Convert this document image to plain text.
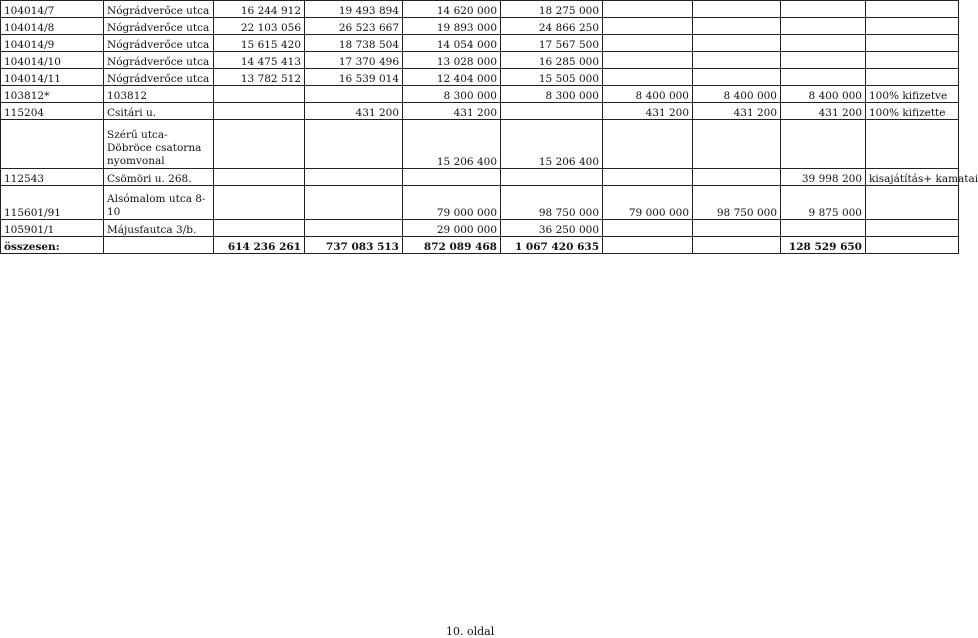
104014/7	Nógrádverőce utca	16 244 912	19 493 894	14 620 000	18 275 000				
104014/8	Nógrádverőce utca	22 103 056	26 523 667	19 893 000	24 866 250				
104014/9	Nógrádverőce utca	15 615 420	18 738 504	14 054 000	17 567 500				
104014/10	Nógrádverőce utca	14 475 413	17 370 496	13 028 000	16 285 000				
104014/11	Nógrádverőce utca	13 782 512	16 539 014	12 404 000	15 505 000				
103812*	103812			8 300 000	8 300 000	8 400 000	8 400 000	8 400 000	100% kifizetve
115204	Csitári u.		431 200	431 200		431 200	431 200	431 200	100% kifizette
	Szérű utca-Döbröce csatorna nyomvonal			15 206 400	15 206 400				
112543	Csömöri u. 268.							39 998 200	kisajátítás+ kamatai
115601/91	Alsómalom utca 8-10			79 000 000	98 750 000	79 000 000	98 750 000	9 875 000	
105901/1	Májusfautca 3/b.			29 000 000	36 250 000				
összesen:		614 236 261	737 083 513	872 089 468	1 067 420 635			128 529 650	
10. oldal
